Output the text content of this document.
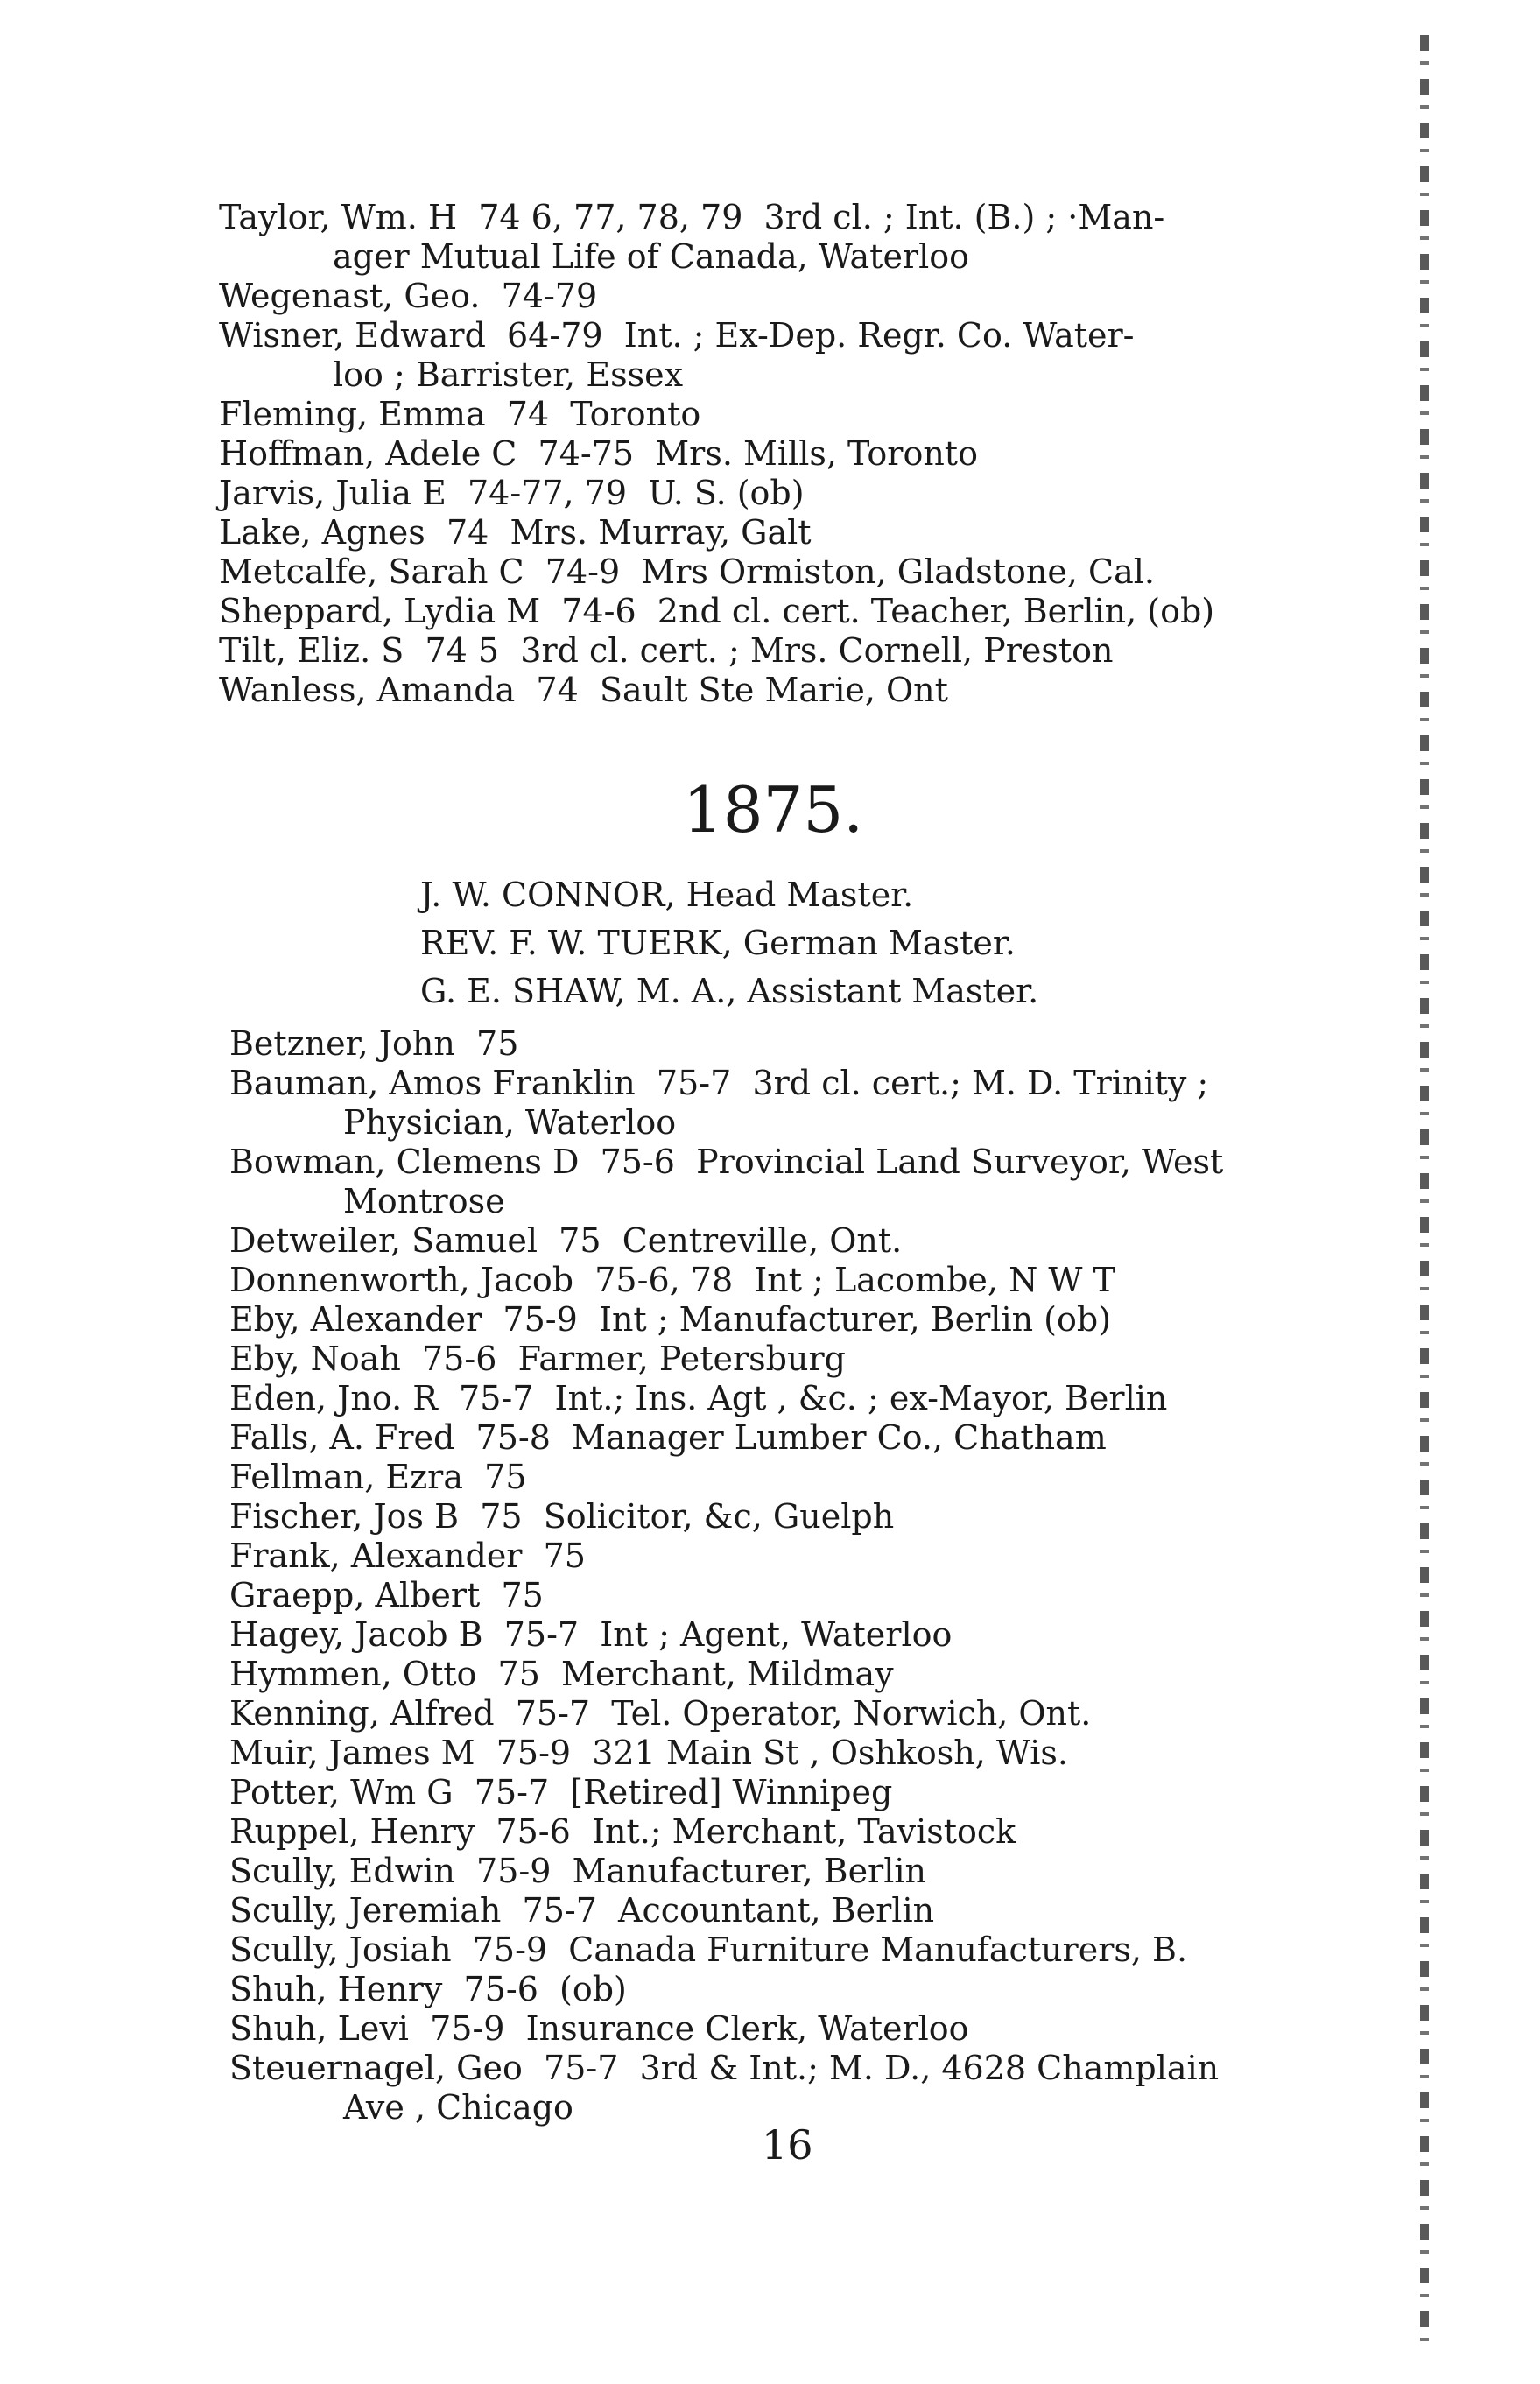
Taylor, Wm. H  74 6, 77, 78, 79  3rd cl. ; Int. (B.) ; ·Man-
ager Mutual Life of Canada, Waterloo
Wegenast, Geo.  74-79
Wisner, Edward  64-79  Int. ; Ex-Dep. Regr. Co. Water-
loo ; Barrister, Essex
Fleming, Emma  74  Toronto
Hoffman, Adele C  74-75  Mrs. Mills, Toronto
Jarvis, Julia E  74-77, 79  U. S. (ob)
Lake, Agnes  74  Mrs. Murray, Galt
Metcalfe, Sarah C  74-9  Mrs Ormiston, Gladstone, Cal.
Sheppard, Lydia M  74-6  2nd cl. cert. Teacher, Berlin, (ob)
Tilt, Eliz. S  74 5  3rd cl. cert. ; Mrs. Cornell, Preston
Wanless, Amanda  74  Sault Ste Marie, Ont
1875.
J. W. CONNOR, Head Master.
REV. F. W. TUERK, German Master.
G. E. SHAW, M. A., Assistant Master.
Betzner, John  75
Bauman, Amos Franklin  75-7  3rd cl. cert.; M. D. Trinity ;
Physician, Waterloo
Bowman, Clemens D  75-6  Provincial Land Surveyor, West
Montrose
Detweiler, Samuel  75  Centreville, Ont.
Donnenworth, Jacob  75-6, 78  Int ; Lacombe, N W T
Eby, Alexander  75-9  Int ; Manufacturer, Berlin (ob)
Eby, Noah  75-6  Farmer, Petersburg
Eden, Jno. R  75-7  Int.; Ins. Agt , &c. ; ex-Mayor, Berlin
Falls, A. Fred  75-8  Manager Lumber Co., Chatham
Fellman, Ezra  75
Fischer, Jos B  75  Solicitor, &c, Guelph
Frank, Alexander  75
Graepp, Albert  75
Hagey, Jacob B  75-7  Int ; Agent, Waterloo
Hymmen, Otto  75  Merchant, Mildmay
Kenning, Alfred  75-7  Tel. Operator, Norwich, Ont.
Muir, James M  75-9  321 Main St , Oshkosh, Wis.
Potter, Wm G  75-7  [Retired] Winnipeg
Ruppel, Henry  75-6  Int.; Merchant, Tavistock
Scully, Edwin  75-9  Manufacturer, Berlin
Scully, Jeremiah  75-7  Accountant, Berlin
Scully, Josiah  75-9  Canada Furniture Manufacturers, B.
Shuh, Henry  75-6  (ob)
Shuh, Levi  75-9  Insurance Clerk, Waterloo
Steuernagel, Geo  75-7  3rd & Int.; M. D., 4628 Champlain
Ave , Chicago
16
